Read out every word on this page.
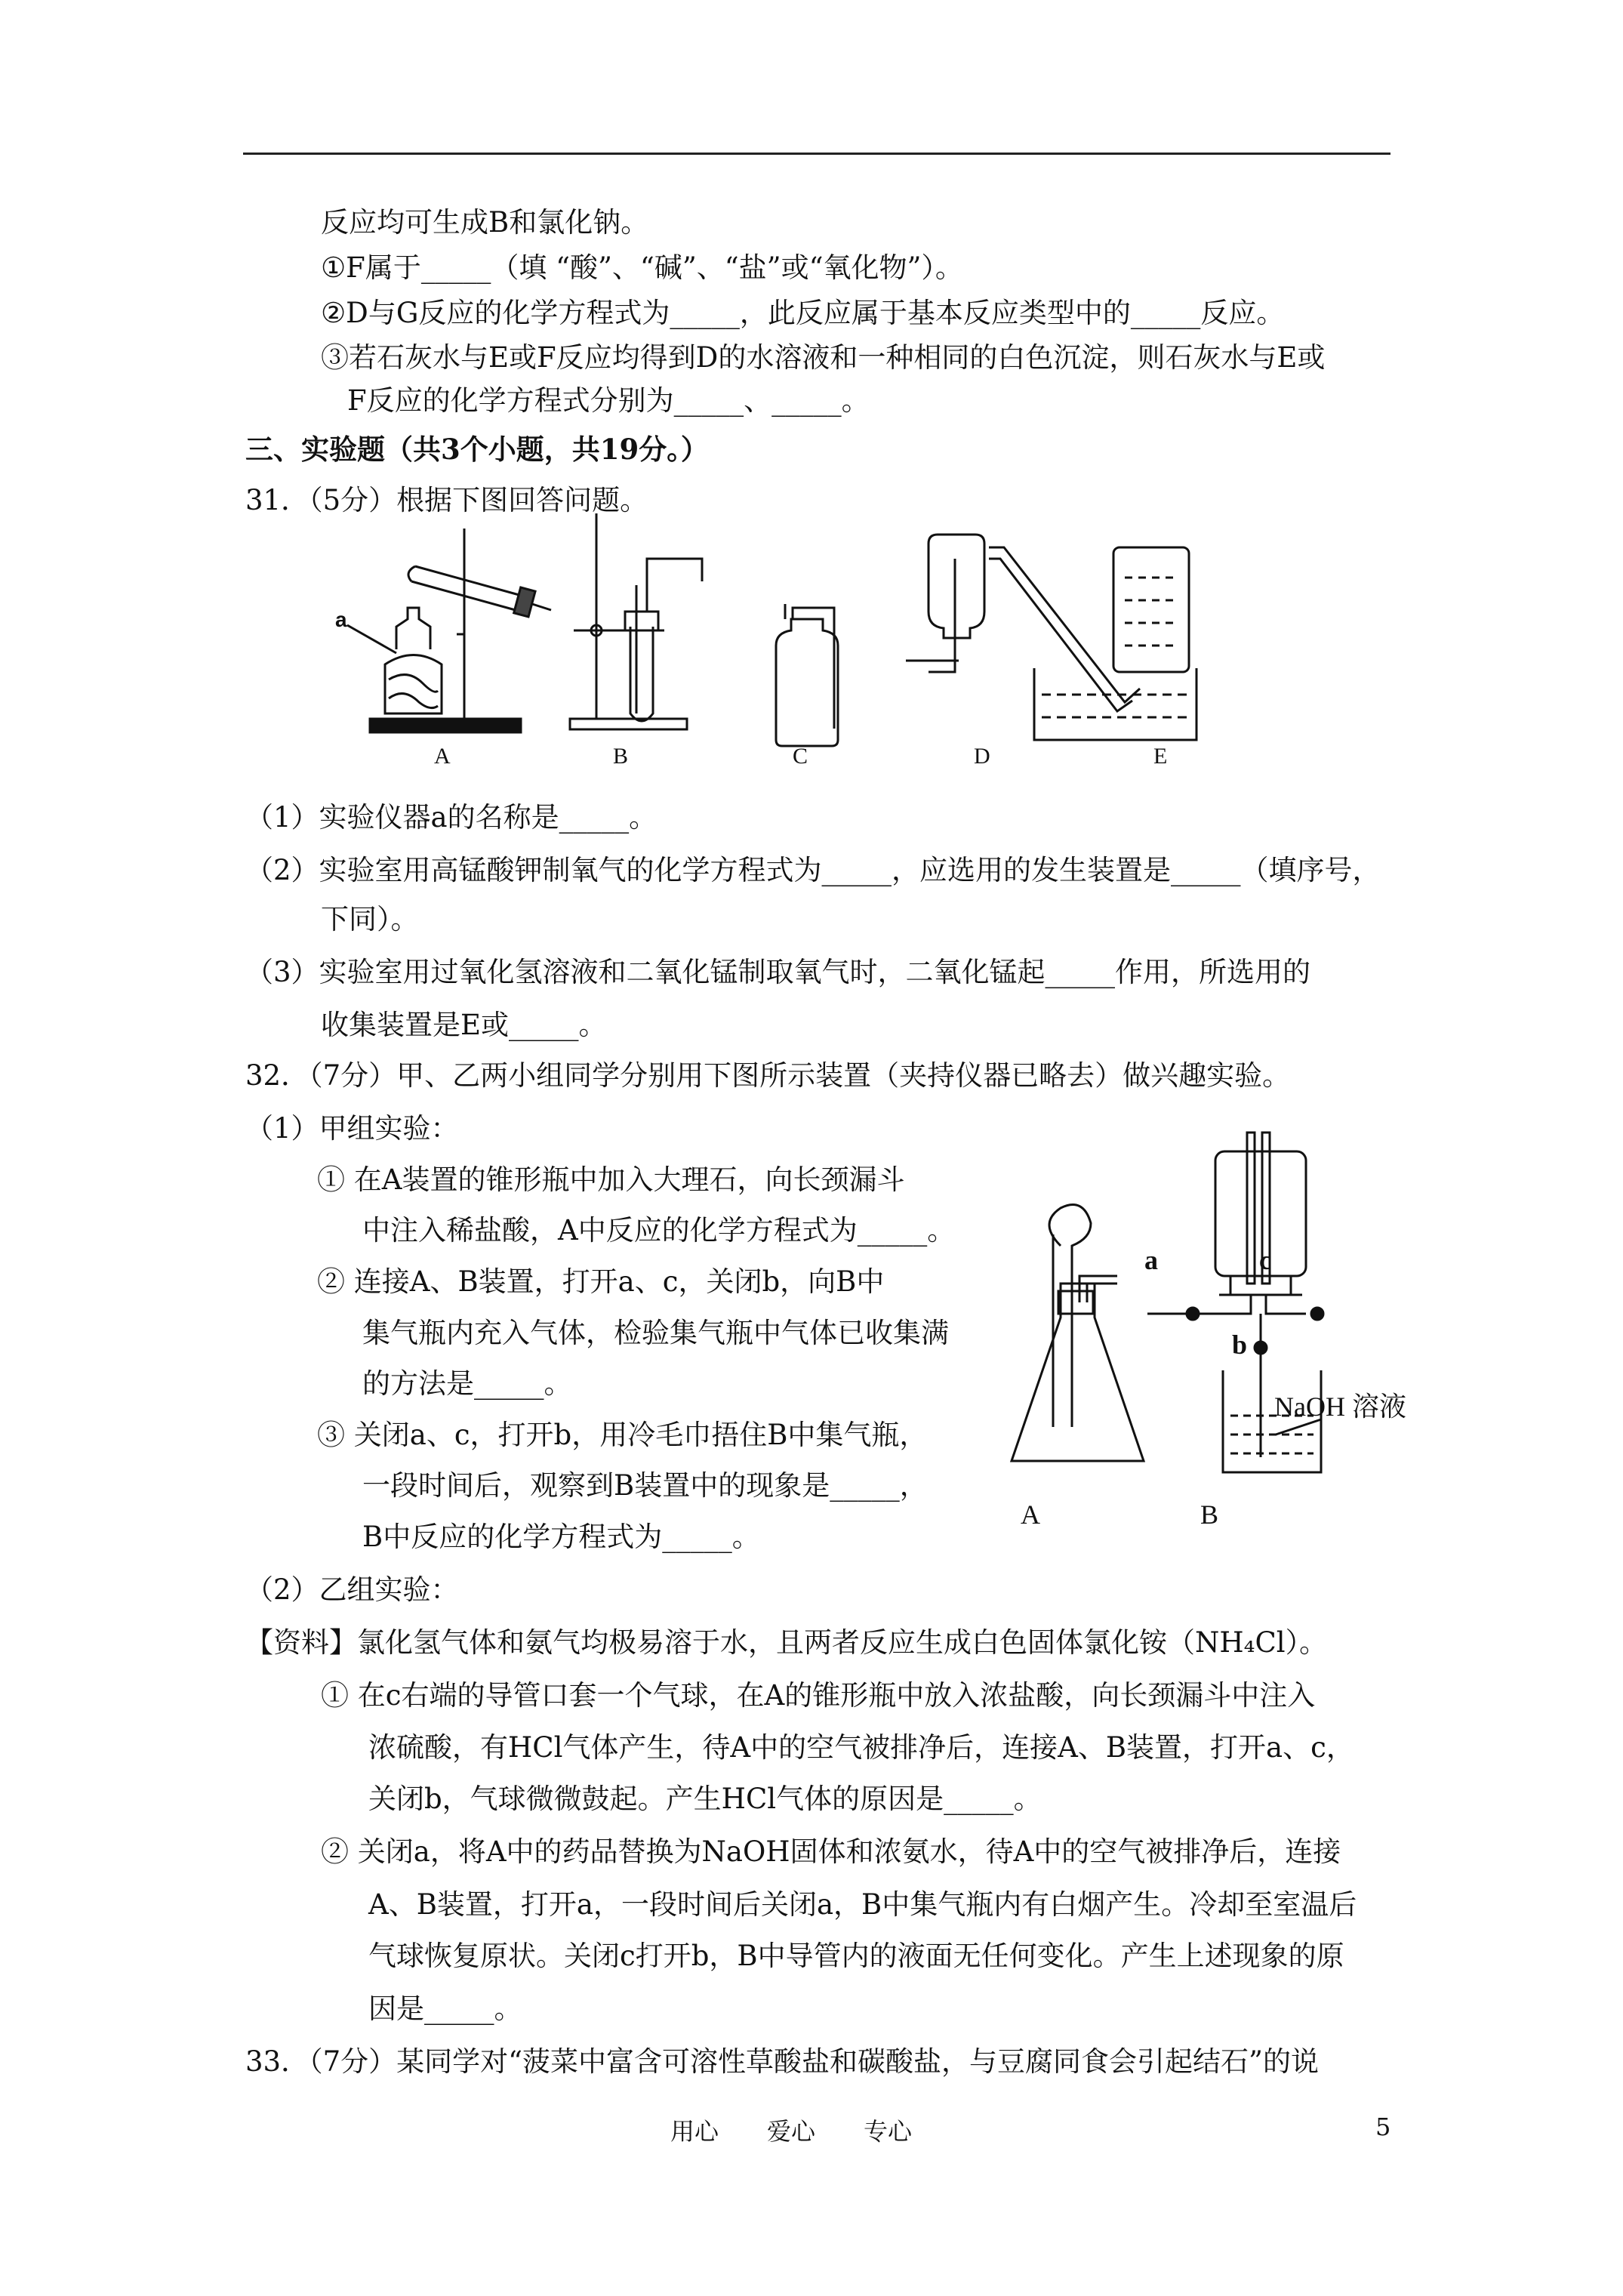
反应均可生成B和氯化钠。
①F属于_____（填 “酸”、“碱”、“盐”或“氧化物”）。
②D与G反应的化学方程式为_____，此反应属于基本反应类型中的_____反应。
③若石灰水与E或F反应均得到D的水溶液和一种相同的白色沉淀，则石灰水与E或
F反应的化学方程式分别为_____、_____。
三、实验题（共3个小题，共19分。）
31．（5分）根据下图回答问题。
（1）实验仪器a的名称是_____。
（2）实验室用高锰酸钾制氧气的化学方程式为_____，应选用的发生装置是_____（填序号，
下同）。
（3）实验室用过氧化氢溶液和二氧化锰制取氧气时，二氧化锰起_____作用，所选用的
收集装置是E或_____。
32．（7分）甲、乙两小组同学分别用下图所示装置（夹持仪器已略去）做兴趣实验。
（1）甲组实验：
① 在A装置的锥形瓶中加入大理石，向长颈漏斗
中注入稀盐酸，A中反应的化学方程式为_____。
② 连接A、B装置，打开a、c，关闭b，向B中
集气瓶内充入气体，检验集气瓶中气体已收集满
的方法是_____。
③ 关闭a、c，打开b，用冷毛巾捂住B中集气瓶，
一段时间后，观察到B装置中的现象是_____，
B中反应的化学方程式为_____。
（2）乙组实验：
【资料】氯化氢气体和氨气均极易溶于水，且两者反应生成白色固体氯化铵（NH₄Cl）。
① 在c右端的导管口套一个气球，在A的锥形瓶中放入浓盐酸，向长颈漏斗中注入
浓硫酸，有HCl气体产生，待A中的空气被排净后，连接A、B装置，打开a、c，
关闭b，气球微微鼓起。产生HCl气体的原因是_____。
② 关闭a，将A中的药品替换为NaOH固体和浓氨水，待A中的空气被排净后，连接
A、B装置，打开a，一段时间后关闭a，B中集气瓶内有白烟产生。冷却至室温后
气球恢复原状。关闭c打开b，B中导管内的液面无任何变化。产生上述现象的原
因是_____。
33．（7分）某同学对“菠菜中富含可溶性草酸盐和碳酸盐，与豆腐同食会引起结石”的说
a
A	B	C	D	E
a	c
b
NaOH 溶液
A	B
用心　　爱心　　专心	5
